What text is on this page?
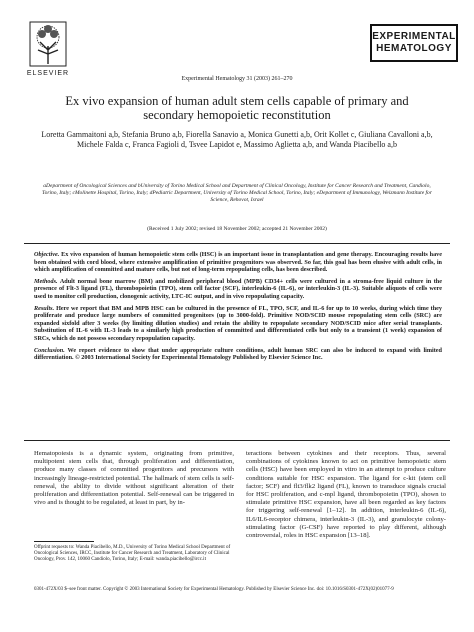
ELSEVIER
EXPERIMENTAL
HEMATOLOGY
Experimental Hematology 31 (2003) 261–270
Ex vivo expansion of human adult stem cells capable of primary and secondary hemopoietic reconstitution
Loretta Gammaitoni a,b, Stefania Bruno a,b, Fiorella Sanavio a, Monica Gunetti a,b, Orit Kollet c, Giuliana Cavalloni a,b, Michele Falda c, Franca Fagioli d, Tsvee Lapidot e, Massimo Aglietta a,b, and Wanda Piacibello a,b
aDepartment of Oncological Sciences and bUniversity of Torino Medical School and Department of Clinical Oncology, Institute for Cancer Research and Treatment, Candiolo, Torino, Italy; cMolinette Hospital, Torino, Italy; dPediatric Department, University of Torino Medical School, Torino, Italy; eDepartment of Immunology, Weizmann Institute for Science, Rehovot, Israel
(Received 1 July 2002; revised 18 November 2002; accepted 21 November 2002)

Objective. Ex vivo expansion of human hemopoietic stem cells (HSC) is an important issue in transplantation and gene therapy. Encouraging results have been obtained with cord blood, where extensive amplification of primitive progenitors was observed. So far, this goal has been elusive with adult cells, in which amplification of committed and mature cells, but not of long-term repopulating cells, has been described.

Methods. Adult normal bone marrow (BM) and mobilized peripheral blood (MPB) CD34+ cells were cultured in a stroma-free liquid culture in the presence of Flt-3 ligand (FL), thrombopoietin (TPO), stem cell factor (SCF), interleukin-6 (IL-6), or interleukin-3 (IL-3). Suitable aliquots of cells were used to monitor cell production, clonogenic activity, LTC-IC output, and in vivo repopulating capacity.

Results. Here we report that BM and MPB HSC can be cultured in the presence of FL, TPO, SCF, and IL-6 for up to 10 weeks, during which time they proliferate and produce large numbers of committed progenitors (up to 3000-fold). Primitive NOD/SCID mouse repopulating stem cells (SRC) are expanded sixfold after 3 weeks (by limiting dilution studies) and retain the ability to repopulate secondary NOD/SCID mice after serial transplants. Substitution of IL-6 with IL-3 leads to a similarly high production of committed and differentiated cells but only to a transient (1 week) expansion of SRCs, which do not possess secondary repopulation capacity.

Conclusion. We report evidence to show that under appropriate culture conditions, adult human SRC can also be induced to expand with limited differentiation. © 2003 International Society for Experimental Hematology Published by Elsevier Science Inc.

Hematopoiesis is a dynamic system, originating from primitive, multipotent stem cells that, through proliferation and differentiation, produce many classes of committed progenitors and precursors with increasingly lineage-restricted potential. The hallmark of stem cells is self-renewal, the ability to divide without significant alteration of their proliferation and differentiation potential. Self-renewal can be triggered in vivo and is thought to be regulated, at least in part, by in-

teractions between cytokines and their receptors. Thus, several combinations of cytokines known to act on primitive hemopoietic stem cells (HSC) have been employed in vitro in an attempt to produce culture conditions suitable for HSC expansion. The ligand for c-kit (stem cell factor; SCF) and flt3/flk2 ligand (FL), known to transduce signals crucial for HSC proliferation, and c-mpl ligand, thrombopoietin (TPO), shown to stimulate primitive HSC expansion, have all been regarded as key factors for triggering self-renewal [1–12]. In addition, interleukin-6 (IL-6), IL6/IL6-receptor chimera, interleukin-3 (IL-3), and granulocyte colony-stimulating factor (G-CSF) have reported to play different, although controversial, roles in HSC expansion [13–18].

Offprint requests to: Wanda Piacibello, M.D., University of Torino Medical School Department of Oncological Sciences, IRCC, Institute for Cancer Research and Treatment, Laboratory of Clinical Oncology, Prov. 142, 10060 Candiolo, Torino, Italy; E-mail: wanda.piacibello@ircc.it
0301-472X/03 $–see front matter. Copyright © 2003 International Society for Experimental Hematology. Published by Elsevier Science Inc. doi: 10.1016/S0301-472X(02)01077-9
